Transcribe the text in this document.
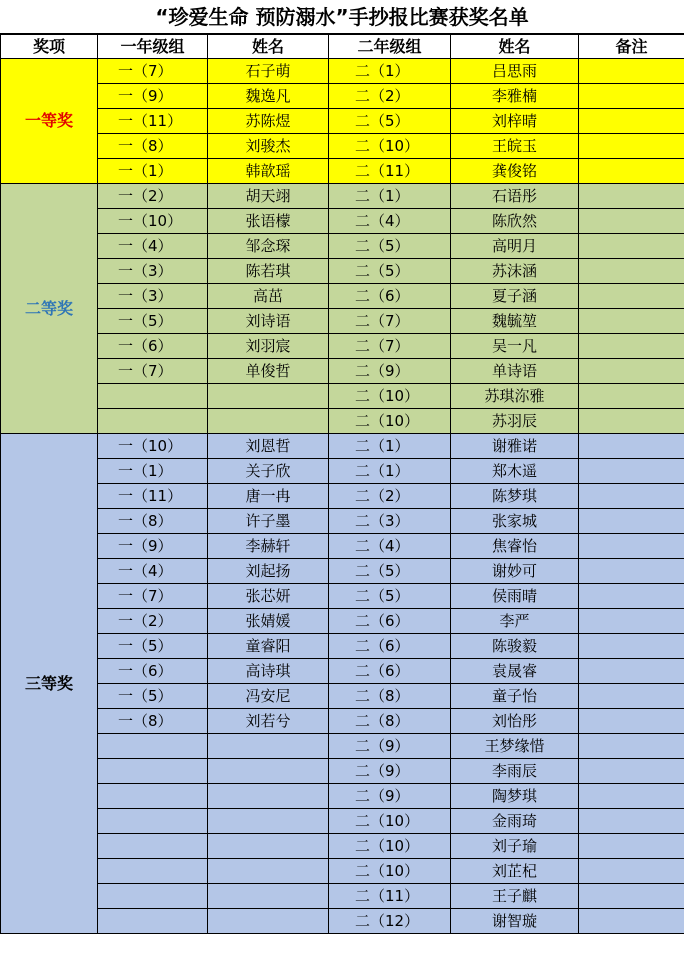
“珍爱生命 预防溺水”手抄报比赛获奖名单
奖项	一年级组	姓名	二年级组	姓名	备注
一等奖	一（7）	石子萌	二（1）	吕思雨	
	一（9）	魏逸凡	二（2）	李雅楠	
	一（11）	苏陈煜	二（5）	刘梓晴	
	一（8）	刘骏杰	二（10）	王皖玉	
	一（1）	韩歆瑶	二（11）	龚俊铭	
二等奖	一（2）	胡天翊	二（1）	石语彤	
	一（10）	张语檬	二（4）	陈欣然	
	一（4）	邹念琛	二（5）	高明月	
	一（3）	陈若琪	二（5）	苏沫涵	
	一（3）	高茁	二（6）	夏子涵	
	一（5）	刘诗语	二（7）	魏毓堃	
	一（6）	刘羽宸	二（7）	吴一凡	
	一（7）	单俊哲	二（9）	单诗语	
			二（10）	苏琪沵雅	
			二（10）	苏羽辰	
三等奖	一（10）	刘恩哲	二（1）	谢雅诺	
	一（1）	关子欣	二（1）	郑木遥	
	一（11）	唐一冉	二（2）	陈梦琪	
	一（8）	许子墨	二（3）	张家城	
	一（9）	李赫轩	二（4）	焦睿怡	
	一（4）	刘起扬	二（5）	谢妙可	
	一（7）	张芯妍	二（5）	侯雨晴	
	一（2）	张婧媛	二（6）	李严	
	一（5）	童睿阳	二（6）	陈骏毅	
	一（6）	高诗琪	二（6）	袁晟睿	
	一（5）	冯安尼	二（8）	童子怡	
	一（8）	刘若兮	二（8）	刘怡彤	
			二（9）	王梦缘惜	
			二（9）	李雨辰	
			二（9）	陶梦琪	
			二（10）	金雨琦	
			二（10）	刘子瑜	
			二（10）	刘芷杞	
			二（11）	王子麒	
			二（12）	谢智璇	
